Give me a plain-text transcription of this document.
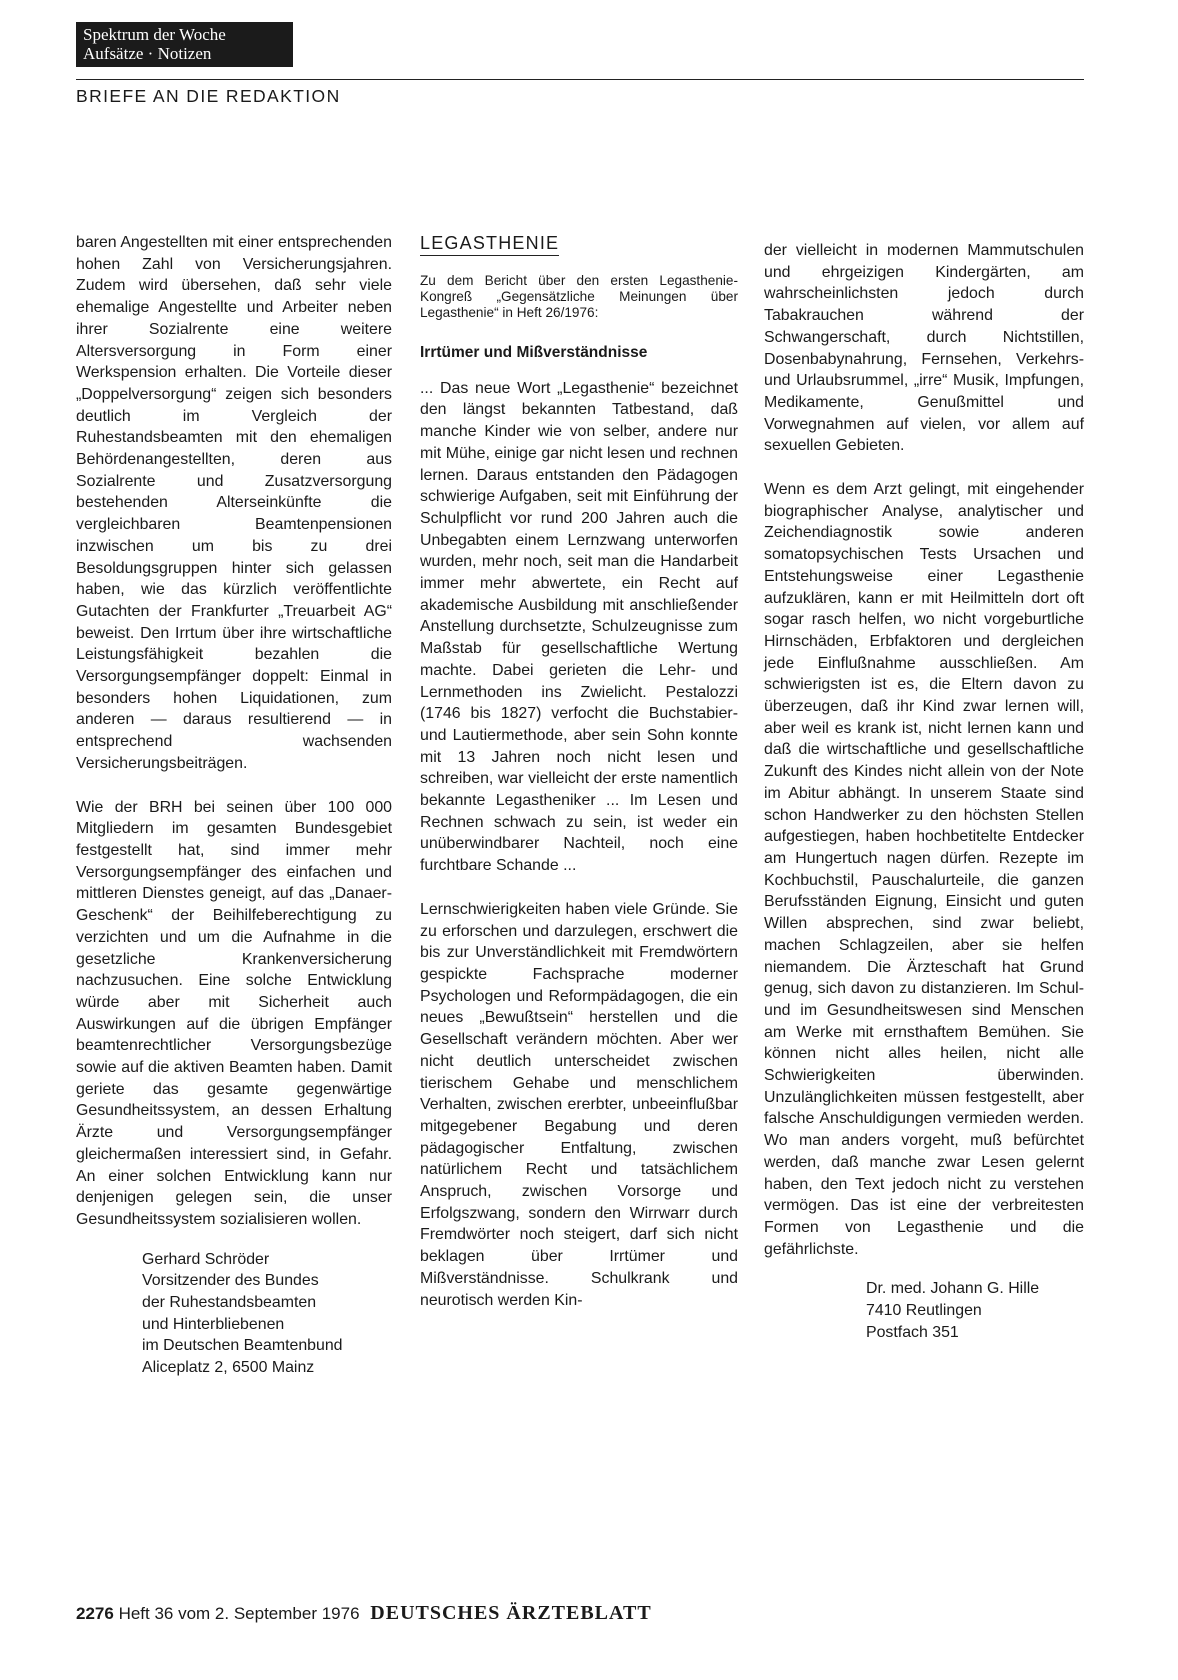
Spektrum der Woche
Aufsätze · Notizen
BRIEFE AN DIE REDAKTION

baren Angestellten mit einer entsprechenden hohen Zahl von Versicherungsjahren. Zudem wird übersehen, daß sehr viele ehemalige Angestellte und Arbeiter neben ihrer Sozialrente eine weitere Altersversorgung in Form einer Werkspension erhalten. Die Vorteile dieser „Doppelversorgung“ zeigen sich besonders deutlich im Vergleich der Ruhestandsbeamten mit den ehemaligen Behördenangestellten, deren aus Sozialrente und Zusatzversorgung bestehenden Alterseinkünfte die vergleichbaren Beamtenpensionen inzwischen um bis zu drei Besoldungsgruppen hinter sich gelassen haben, wie das kürzlich veröffentlichte Gutachten der Frankfurter „Treuarbeit AG“ beweist. Den Irrtum über ihre wirtschaftliche Leistungsfähigkeit bezahlen die Versorgungsempfänger doppelt: Einmal in besonders hohen Liquidationen, zum anderen — daraus resultierend — in entsprechend wachsenden Versicherungsbeiträgen.

Wie der BRH bei seinen über 100 000 Mitgliedern im gesamten Bundesgebiet festgestellt hat, sind immer mehr Versorgungsempfänger des einfachen und mittleren Dienstes geneigt, auf das „Danaer-Geschenk“ der Beihilfeberechtigung zu verzichten und um die Aufnahme in die gesetzliche Krankenversicherung nachzusuchen. Eine solche Entwicklung würde aber mit Sicherheit auch Auswirkungen auf die übrigen Empfänger beamtenrechtlicher Versorgungsbezüge sowie auf die aktiven Beamten haben. Damit geriete das gesamte gegenwärtige Gesundheitssystem, an dessen Erhaltung Ärzte und Versorgungsempfänger gleichermaßen interessiert sind, in Gefahr. An einer solchen Entwicklung kann nur denjenigen gelegen sein, die unser Gesundheitssystem sozialisieren wollen.

Gerhard Schröder
Vorsitzender des Bundes
der Ruhestandsbeamten
und Hinterbliebenen
im Deutschen Beamtenbund
Aliceplatz 2, 6500 Mainz

LEGASTHENIE

Zu dem Bericht über den ersten Legasthenie-Kongreß „Gegensätzliche Meinungen über Legasthenie“ in Heft 26/1976:

Irrtümer und Mißverständnisse

... Das neue Wort „Legasthenie“ bezeichnet den längst bekannten Tatbestand, daß manche Kinder wie von selber, andere nur mit Mühe, einige gar nicht lesen und rechnen lernen. Daraus entstanden den Pädagogen schwierige Aufgaben, seit mit Einführung der Schulpflicht vor rund 200 Jahren auch die Unbegabten einem Lernzwang unterworfen wurden, mehr noch, seit man die Handarbeit immer mehr abwertete, ein Recht auf akademische Ausbildung mit anschließender Anstellung durchsetzte, Schulzeugnisse zum Maßstab für gesellschaftliche Wertung machte. Dabei gerieten die Lehr- und Lernmethoden ins Zwielicht. Pestalozzi (1746 bis 1827) verfocht die Buchstabier- und Lautiermethode, aber sein Sohn konnte mit 13 Jahren noch nicht lesen und schreiben, war vielleicht der erste namentlich bekannte Legastheniker ... Im Lesen und Rechnen schwach zu sein, ist weder ein unüberwindbarer Nachteil, noch eine furchtbare Schande ...

Lernschwierigkeiten haben viele Gründe. Sie zu erforschen und darzulegen, erschwert die bis zur Unverständlichkeit mit Fremdwörtern gespickte Fachsprache moderner Psychologen und Reformpädagogen, die ein neues „Bewußtsein“ herstellen und die Gesellschaft verändern möchten. Aber wer nicht deutlich unterscheidet zwischen tierischem Gehabe und menschlichem Verhalten, zwischen ererbter, unbeeinflußbar mitgegebener Begabung und deren pädagogischer Entfaltung, zwischen natürlichem Recht und tatsächlichem Anspruch, zwischen Vorsorge und Erfolgszwang, sondern den Wirrwarr durch Fremdwörter noch steigert, darf sich nicht beklagen über Irrtümer und Mißverständnisse. Schulkrank und neurotisch werden Kin-

der vielleicht in modernen Mammutschulen und ehrgeizigen Kindergärten, am wahrscheinlichsten jedoch durch Tabakrauchen während der Schwangerschaft, durch Nichtstillen, Dosenbabynahrung, Fernsehen, Verkehrs- und Urlaubsrummel, „irre“ Musik, Impfungen, Medikamente, Genußmittel und Vorwegnahmen auf vielen, vor allem auf sexuellen Gebieten.

Wenn es dem Arzt gelingt, mit eingehender biographischer Analyse, analytischer und Zeichendiagnostik sowie anderen somatopsychischen Tests Ursachen und Entstehungsweise einer Legasthenie aufzuklären, kann er mit Heilmitteln dort oft sogar rasch helfen, wo nicht vorgeburtliche Hirnschäden, Erbfaktoren und dergleichen jede Einflußnahme ausschließen. Am schwierigsten ist es, die Eltern davon zu überzeugen, daß ihr Kind zwar lernen will, aber weil es krank ist, nicht lernen kann und daß die wirtschaftliche und gesellschaftliche Zukunft des Kindes nicht allein von der Note im Abitur abhängt. In unserem Staate sind schon Handwerker zu den höchsten Stellen aufgestiegen, haben hochbetitelte Entdecker am Hungertuch nagen dürfen. Rezepte im Kochbuchstil, Pauschalurteile, die ganzen Berufsständen Eignung, Einsicht und guten Willen absprechen, sind zwar beliebt, machen Schlagzeilen, aber sie helfen niemandem. Die Ärzteschaft hat Grund genug, sich davon zu distanzieren. Im Schul- und im Gesundheitswesen sind Menschen am Werke mit ernsthaftem Bemühen. Sie können nicht alles heilen, nicht alle Schwierigkeiten überwinden. Unzulänglichkeiten müssen festgestellt, aber falsche Anschuldigungen vermieden werden. Wo man anders vorgeht, muß befürchtet werden, daß manche zwar Lesen gelernt haben, den Text jedoch nicht zu verstehen vermögen. Das ist eine der verbreitesten Formen von Legasthenie und die gefährlichste.

Dr. med. Johann G. Hille
7410 Reutlingen
Postfach 351
2276 Heft 36 vom 2. September 1976 DEUTSCHES ÄRZTEBLATT
